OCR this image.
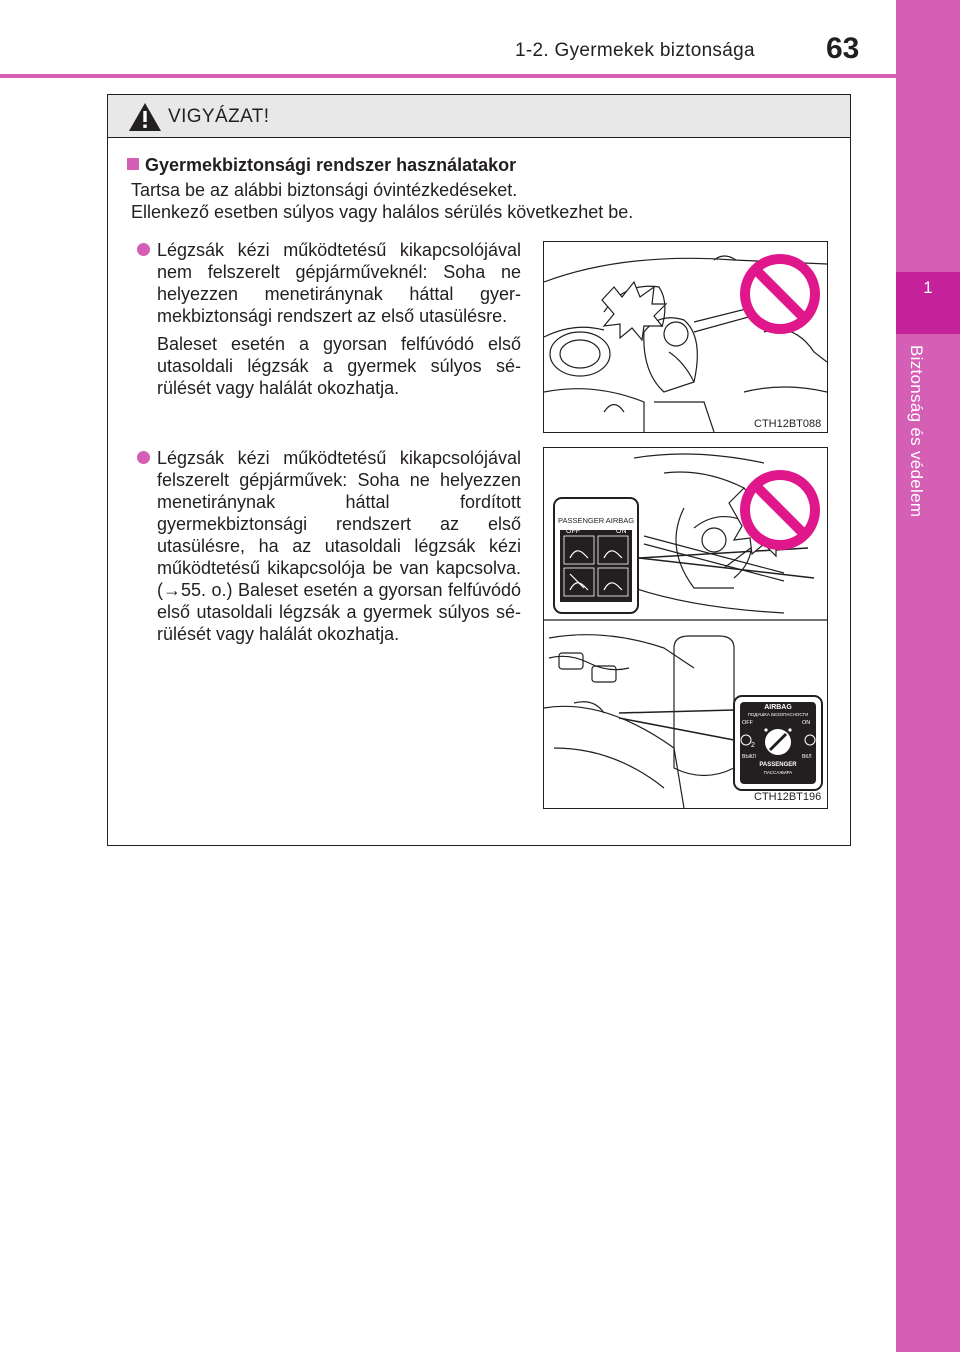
1-2. Gyermekek biztonsága 63
1
Biztonság és védelem
VIGYÁZAT!
Gyermekbiztonsági rendszer használatakor
Tartsa be az alábbi biztonsági óvintézkedéseket.
Ellenkező esetben súlyos vagy halálos sérülés következhet be.

Légzsák kézi működtetésű kikapcsolójával nem felszerelt gépjárműveknél: Soha ne helyezzen menetiránynak háttal gyermekbiztonsági rendszert az első utasülésre.

Baleset esetén a gyorsan felfúvódó első utasoldali légzsák a gyermek súlyos sérülését vagy halálát okozhatja.

CTH12BT088

Légzsák kézi működtetésű kikapcsolójával felszerelt gépjárművek: Soha ne helyezzen menetiránynak háttal fordított gyermekbiztonsági rendszert az első utasülésre, ha az utasoldali légzsák kézi működtetésű kikapcsolója be van kapcsolva. (→55. o.) Baleset esetén a gyorsan felfúvódó első utasoldali légzsák a gyermek súlyos sérülését vagy halálát okozhatja.

PASSENGER AIRBAG
OFF	ON
AIRBAG
ПОДУШКА БЕЗОПАСНОСТИ
OFF	ON
2
ВЫКЛ	ВКЛ
PASSENGER
ПАССАЖИРА
CTH12BT196
